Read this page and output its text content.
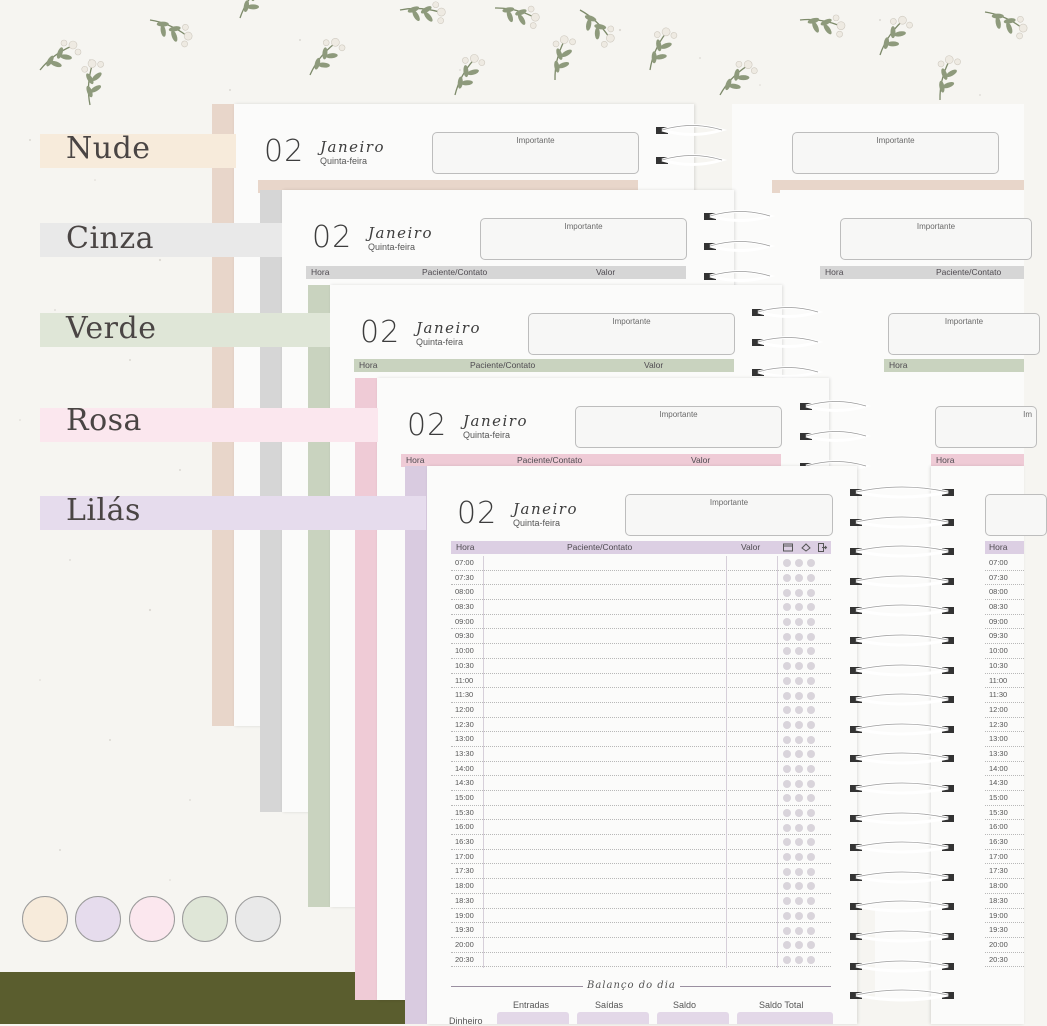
02 Janeiro
Quinta-feira
Importante	Importante
02 Janeiro
Quinta-feira
Importante
Hora	Paciente/Contato	Valor
Importante
Hora	Paciente/Contato
02 Janeiro
Quinta-feira
Importante
Hora	Paciente/Contato	Valor
Importante
Hora
02 Janeiro
Quinta-feira
Importante
Hora	Paciente/Contato	Valor
Im
Hora
02 Janeiro
Quinta-feira
Importante
Hora	Paciente/Contato	Valor
07:00
07:30
08:00
08:30
09:00
09:30
10:00
10:30
11:00
11:30
12:00
12:30
13:00
13:30
14:00
14:30
15:00
15:30
16:00
16:30
17:00
17:30
18:00
18:30
19:00
19:30
20:00
20:30
Balanço do dia
Entradas	Saídas	Saldo	Saldo Total
Dinheiro
Hora
07:00
07:30
08:00
08:30
09:00
09:30
10:00
10:30
11:00
11:30
12:00
12:30
13:00
13:30
14:00
14:30
15:00
15:30
16:00
16:30
17:00
17:30
18:00
18:30
19:00
19:30
20:00
20:30
Nude
Cinza
Verde
Rosa
Lilás
